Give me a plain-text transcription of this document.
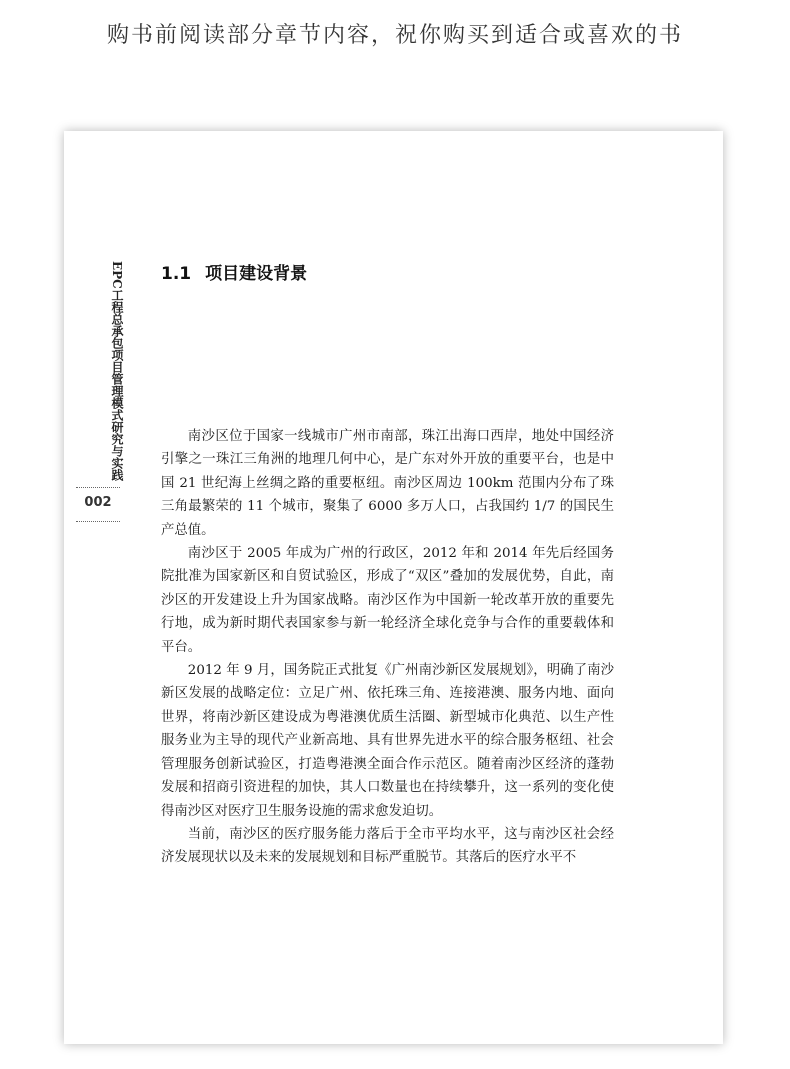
购书前阅读部分章节内容，祝你购买到适合或喜欢的书
EPC工程总承包项目管理模式研究与实践
002
1.1 项目建设背景

南沙区位于国家一线城市广州市南部，珠江出海口西岸，地处中国经济引擎之一珠江三角洲的地理几何中心，是广东对外开放的重要平台，也是中国 21 世纪海上丝绸之路的重要枢纽。南沙区周边 100km 范围内分布了珠三角最繁荣的 11 个城市，聚集了 6000 多万人口，占我国约 1/7 的国民生产总值。

南沙区于 2005 年成为广州的行政区，2012 年和 2014 年先后经国务院批准为国家新区和自贸试验区，形成了“双区”叠加的发展优势，自此，南沙区的开发建设上升为国家战略。南沙区作为中国新一轮改革开放的重要先行地，成为新时期代表国家参与新一轮经济全球化竞争与合作的重要载体和平台。

2012 年 9 月，国务院正式批复《广州南沙新区发展规划》，明确了南沙新区发展的战略定位：立足广州、依托珠三角、连接港澳、服务内地、面向世界，将南沙新区建设成为粤港澳优质生活圈、新型城市化典范、以生产性服务业为主导的现代产业新高地、具有世界先进水平的综合服务枢纽、社会管理服务创新试验区，打造粤港澳全面合作示范区。随着南沙区经济的蓬勃发展和招商引资进程的加快，其人口数量也在持续攀升，这一系列的变化使得南沙区对医疗卫生服务设施的需求愈发迫切。

当前，南沙区的医疗服务能力落后于全市平均水平，这与南沙区社会经济发展现状以及未来的发展规划和目标严重脱节。其落后的医疗水平不
